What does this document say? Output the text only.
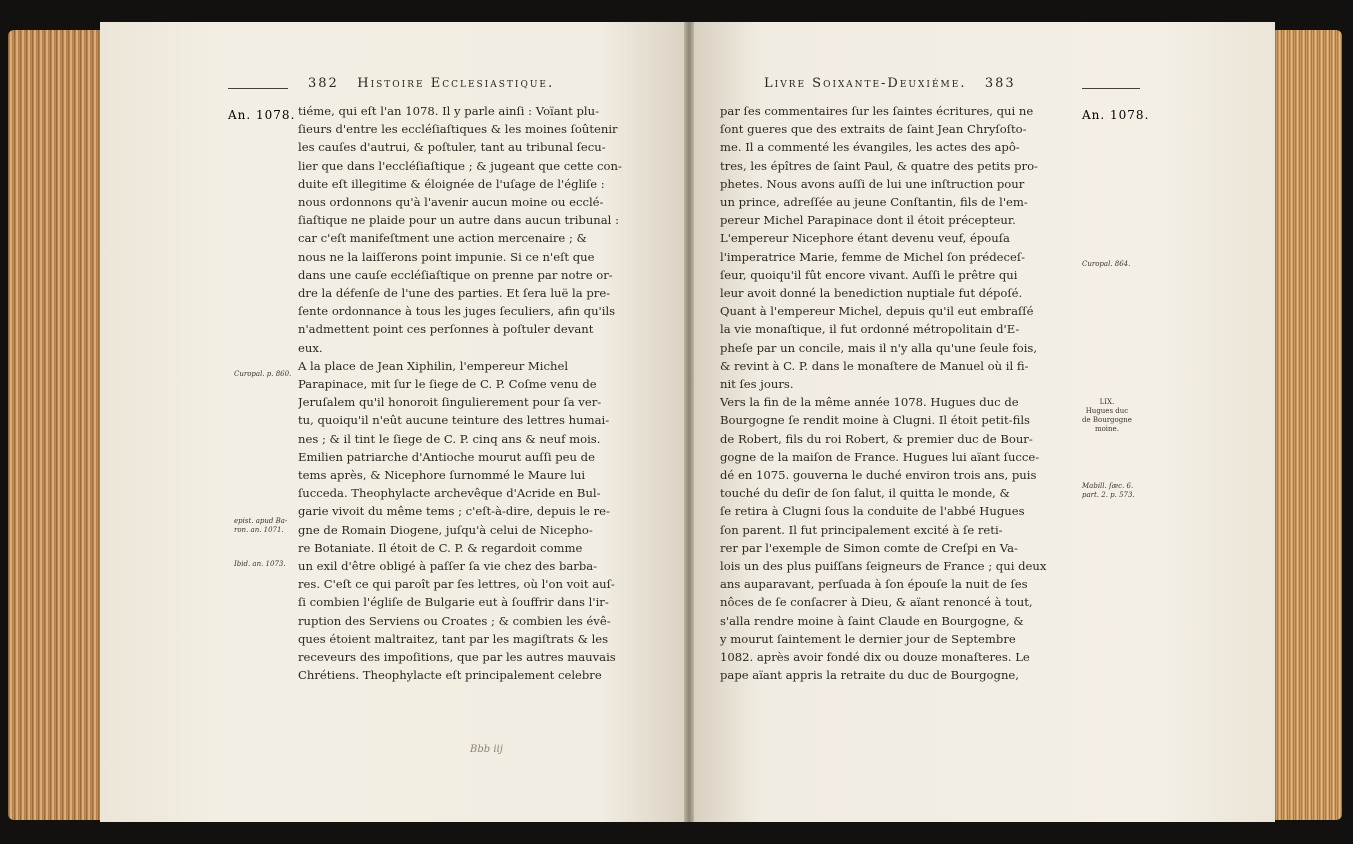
382 Histoire Ecclesiastique.
An. 1078.
Curopal. p. 860.
epist. apud Ba-
ron. an. 1071.
Ibid. an. 1073.
tiéme, qui eſt l'an 1078. Il y parle ainſi : Voïant plu-
ſieurs d'entre les eccléſiaſtiques & les moines ſoûtenir
les cauſes d'autrui, & poſtuler, tant au tribunal ſecu-
lier que dans l'eccléſiaſtique ; & jugeant que cette con-
duite eſt illegitime & éloignée de l'uſage de l'égliſe :
nous ordonnons qu'à l'avenir aucun moine ou ecclé-
ſiaſtique ne plaide pour un autre dans aucun tribunal :
car c'eſt manifeſtment une action mercenaire ; &
nous ne la laiſſerons point impunie. Si ce n'eſt que
dans une cauſe eccléſiaſtique on prenne par notre or-
dre la défenſe de l'une des parties. Et ſera luë la pre-
ſente ordonnance à tous les juges ſeculiers, afin qu'ils
n'admettent point ces perſonnes à poſtuler devant
eux.
A la place de Jean Xiphilin, l'empereur Michel
Parapinace, mit ſur le ſiege de C. P. Coſme venu de
Jeruſalem qu'il honoroit ſingulierement pour ſa ver-
tu, quoiqu'il n'eût aucune teinture des lettres humai-
nes ; & il tint le ſiege de C. P. cinq ans & neuf mois.
Emilien patriarche d'Antioche mourut auſſi peu de
tems après, & Nicephore ſurnommé le Maure lui
ſucceda. Theophylacte archevêque d'Acride en Bul-
garie vivoit du même tems ; c'eſt-à-dire, depuis le re-
gne de Romain Diogene, juſqu'à celui de Nicepho-
re Botaniate. Il étoit de C. P. & regardoit comme
un exil d'être obligé à paſſer ſa vie chez des barba-
res. C'eſt ce qui paroît par ſes lettres, où l'on voit auſ-
ſi combien l'égliſe de Bulgarie eut à ſouffrir dans l'ir-
ruption des Serviens ou Croates ; & combien les évê-
ques étoient maltraitez, tant par les magiſtrats & les
receveurs des impoſitions, que par les autres mauvais
Chrétiens. Theophylacte eſt principalement celebre
Bbb iij
Livre Soixante-Deuxiéme. 383
An. 1078.
Curopal. 864.
LIX.
Hugues duc
de Bourgogne
moine.
Mabill. ſæc. 6.
part. 2. p. 573.
par ſes commentaires ſur les ſaintes écritures, qui ne
ſont gueres que des extraits de ſaint Jean Chryſoſto-
me. Il a commenté les évangiles, les actes des apô-
tres, les épîtres de ſaint Paul, & quatre des petits pro-
phetes. Nous avons auſſi de lui une inſtruction pour
un prince, adreſſée au jeune Conſtantin, fils de l'em-
pereur Michel Parapinace dont il étoit précepteur.
L'empereur Nicephore étant devenu veuf, épouſa
l'imperatrice Marie, femme de Michel ſon prédeceſ-
ſeur, quoiqu'il fût encore vivant. Auſſi le prêtre qui
leur avoit donné la benediction nuptiale fut dépoſé.
Quant à l'empereur Michel, depuis qu'il eut embraſſé
la vie monaſtique, il fut ordonné métropolitain d'E-
pheſe par un concile, mais il n'y alla qu'une ſeule fois,
& revint à C. P. dans le monaſtere de Manuel où il fi-
nit ſes jours.
Vers la fin de la même année 1078. Hugues duc de
Bourgogne ſe rendit moine à Clugni. Il étoit petit-fils
de Robert, fils du roi Robert, & premier duc de Bour-
gogne de la maiſon de France. Hugues lui aïant ſucce-
dé en 1075. gouverna le duché environ trois ans, puis
touché du deſir de ſon ſalut, il quitta le monde, &
ſe retira à Clugni ſous la conduite de l'abbé Hugues
ſon parent. Il fut principalement excité à ſe reti-
rer par l'exemple de Simon comte de Creſpi en Va-
lois un des plus puiſſans ſeigneurs de France ; qui deux
ans auparavant, perſuada à ſon épouſe la nuit de ſes
nôces de ſe conſacrer à Dieu, & aïant renoncé à tout,
s'alla rendre moine à ſaint Claude en Bourgogne, &
y mourut ſaintement le dernier jour de Septembre
1082. après avoir fondé dix ou douze monaſteres. Le
pape aïant appris la retraite du duc de Bourgogne,
